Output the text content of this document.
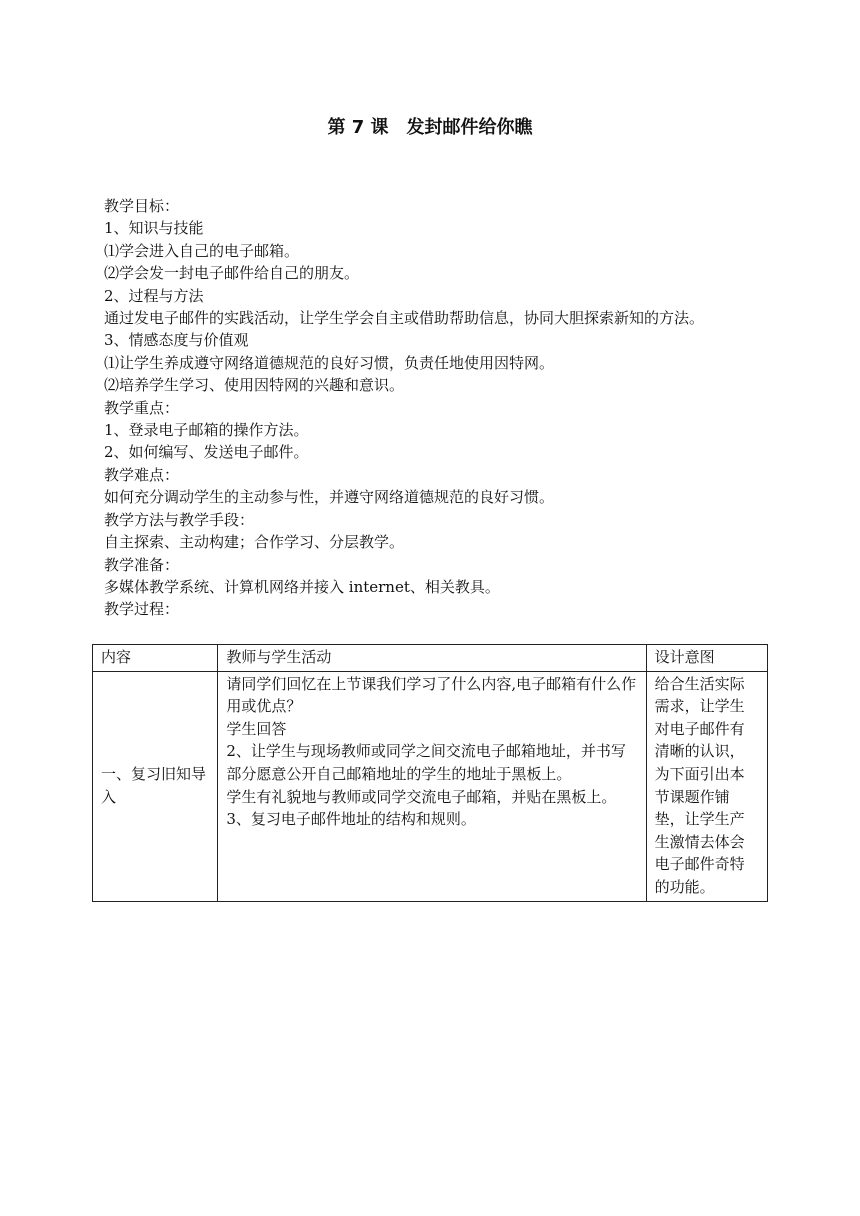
第 7 课　发封邮件给你瞧
教学目标：
1、知识与技能
⑴学会进入自己的电子邮箱。
⑵学会发一封电子邮件给自己的朋友。
2、过程与方法
通过发电子邮件的实践活动，让学生学会自主或借助帮助信息，协同大胆探索新知的方法。
3、情感态度与价值观
⑴让学生养成遵守网络道德规范的良好习惯，负责任地使用因特网。
⑵培养学生学习、使用因特网的兴趣和意识。
教学重点：
1、登录电子邮箱的操作方法。
2、如何编写、发送电子邮件。
教学难点：
如何充分调动学生的主动参与性，并遵守网络道德规范的良好习惯。
教学方法与教学手段：
自主探索、主动构建；合作学习、分层教学。
教学准备：
多媒体教学系统、计算机网络并接入 internet、相关教具。
教学过程：
内容	教师与学生活动	设计意图
一、复习旧知导入	请同学们回忆在上节课我们学习了什么内容,电子邮箱有什么作用或优点？
学生回答
2、让学生与现场教师或同学之间交流电子邮箱地址，并书写部分愿意公开自己邮箱地址的学生的地址于黑板上。
学生有礼貌地与教师或同学交流电子邮箱，并贴在黑板上。
3、复习电子邮件地址的结构和规则。	给合生活实际需求，让学生对电子邮件有清晰的认识，为下面引出本节课题作铺垫，让学生产生激情去体会电子邮件奇特的功能。
